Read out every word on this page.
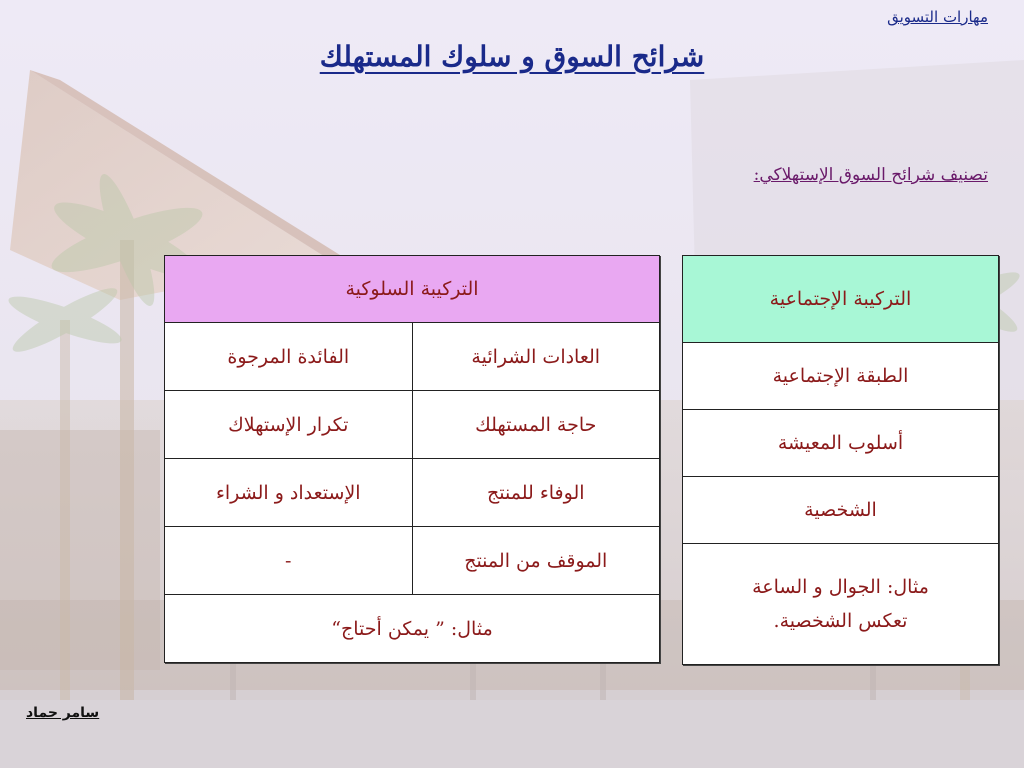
مهارات التسويق
شرائح السوق و سلوك المستهلك
تصنيف شرائح السوق الإستهلاكي:
التركيبة الإجتماعية
الطبقة الإجتماعية
أسلوب المعيشة
الشخصية

مثال: الجوال و الساعة
تعكس الشخصية.
التركيبة السلوكية	
العادات الشرائية	الفائدة المرجوة
حاجة المستهلك	تكرار الإستهلاك
الوفاء للمنتج	الإستعداد و الشراء
الموقف من المنتج	-
مثال: ” يمكن أحتاج“	
سامر حماد
